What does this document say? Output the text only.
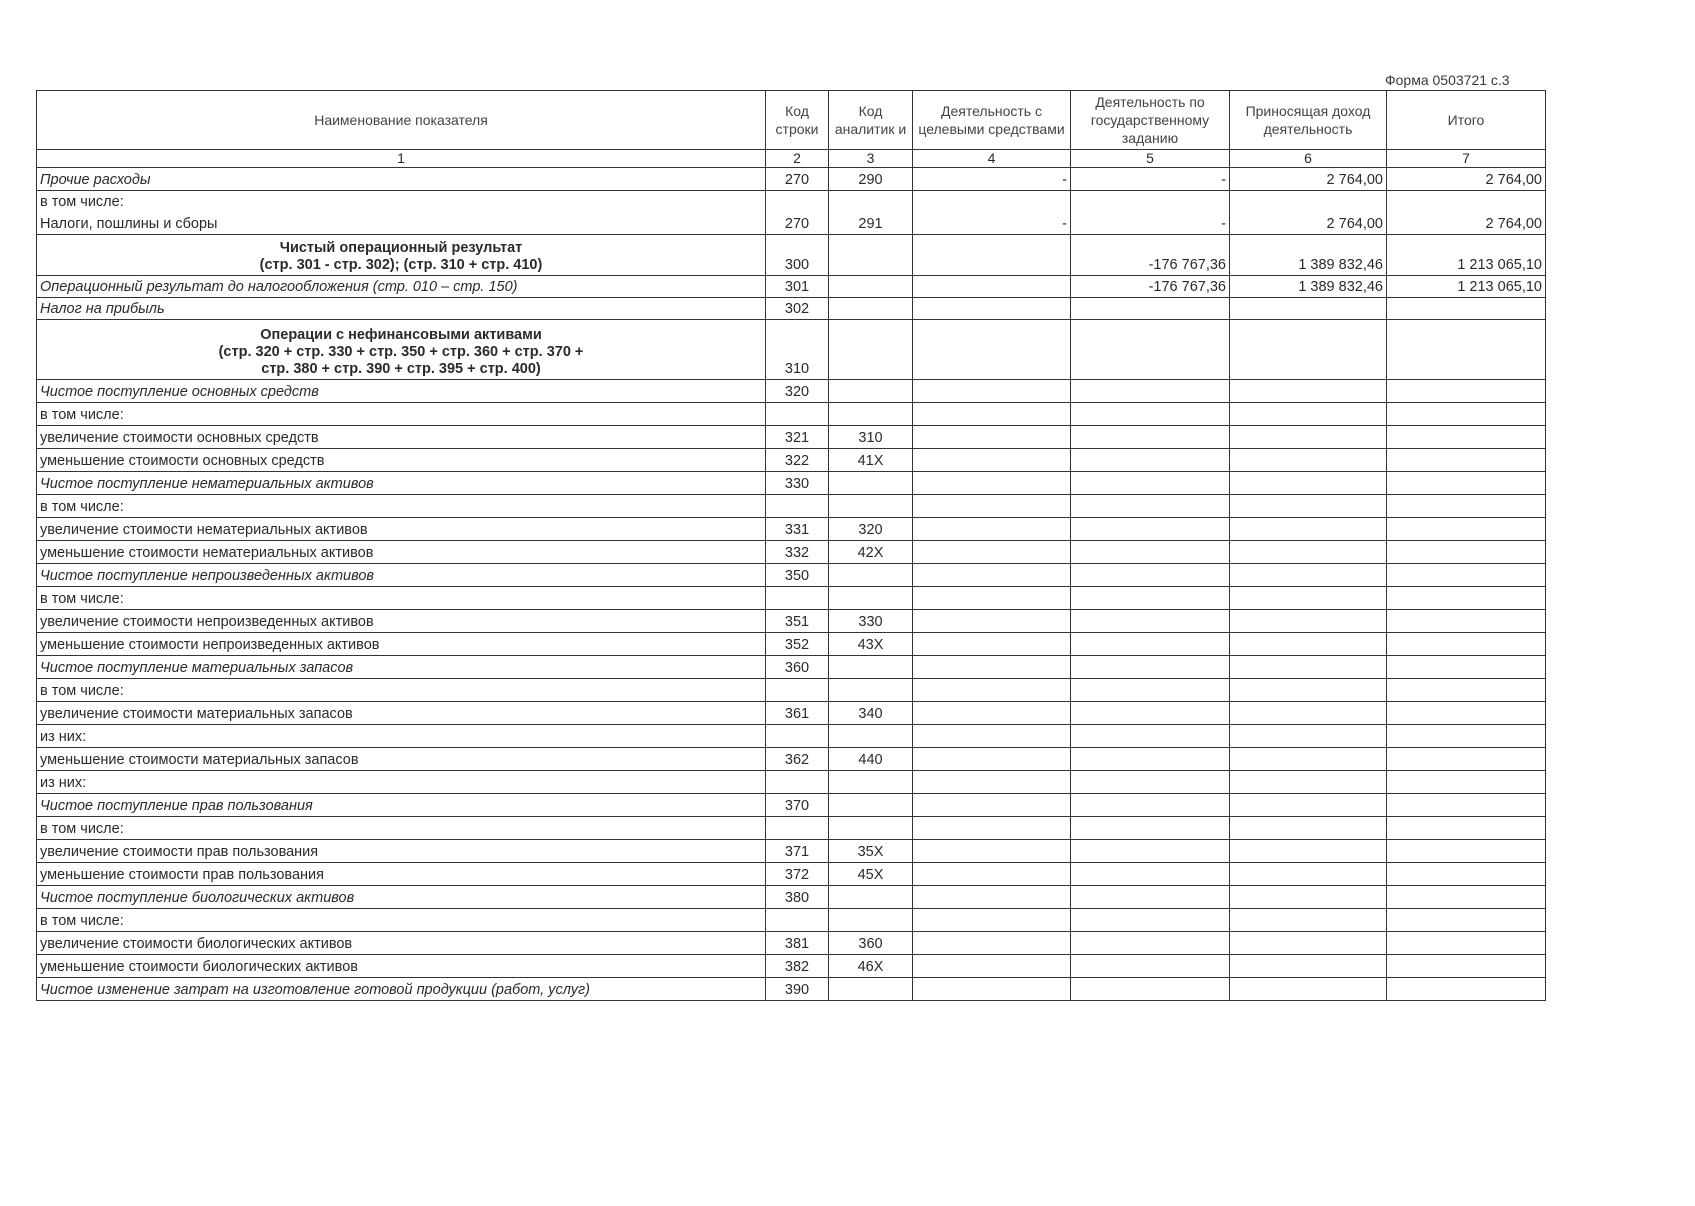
Форма 0503721 с.3
Наименование показателя	Код строки	Код аналитик и	Деятельность с целевыми средствами	Деятельность по государственному заданию	Приносящая доход деятельность	Итого
1	2	3	4	5	6	7
Прочие расходы	270	290	-	-	2 764,00	2 764,00
в том числе:						
Налоги, пошлины и сборы	270	291	-	-	2 764,00	2 764,00

Чистый операционный результат
(стр. 301 - стр. 302); (стр. 310 + стр. 410)	300			-176 767,36	1 389 832,46	1 213 065,10
Операционный результат до налогообложения (стр. 010 – стр. 150)	301			-176 767,36	1 389 832,46	1 213 065,10
Налог на прибыль	302					

Операции с нефинансовыми активами
(стр. 320 + стр. 330 + стр. 350 + стр. 360 + стр. 370 +
стр. 380 + стр. 390 + стр. 395 + стр. 400)	310					
Чистое поступление основных средств	320					
в том числе:						
увеличение стоимости основных средств	321	310				
уменьшение стоимости основных средств	322	41Х				
Чистое поступление нематериальных активов	330					
в том числе:						
увеличение стоимости нематериальных активов	331	320				
уменьшение стоимости нематериальных активов	332	42Х				
Чистое поступление непроизведенных активов	350					
в том числе:						
увеличение стоимости непроизведенных активов	351	330				
уменьшение стоимости непроизведенных активов	352	43Х				
Чистое поступление материальных запасов	360					
в том числе:						
увеличение стоимости материальных запасов	361	340				
из них:						
уменьшение стоимости материальных запасов	362	440				
из них:						
Чистое поступление прав пользования	370					
в том числе:						
увеличение стоимости прав пользования	371	35Х				
уменьшение стоимости прав пользования	372	45Х				
Чистое поступление биологических активов	380					
в том числе:						
увеличение стоимости биологических активов	381	360				
уменьшение стоимости биологических активов	382	46Х				
Чистое изменение затрат на изготовление готовой продукции (работ, услуг)	390					
